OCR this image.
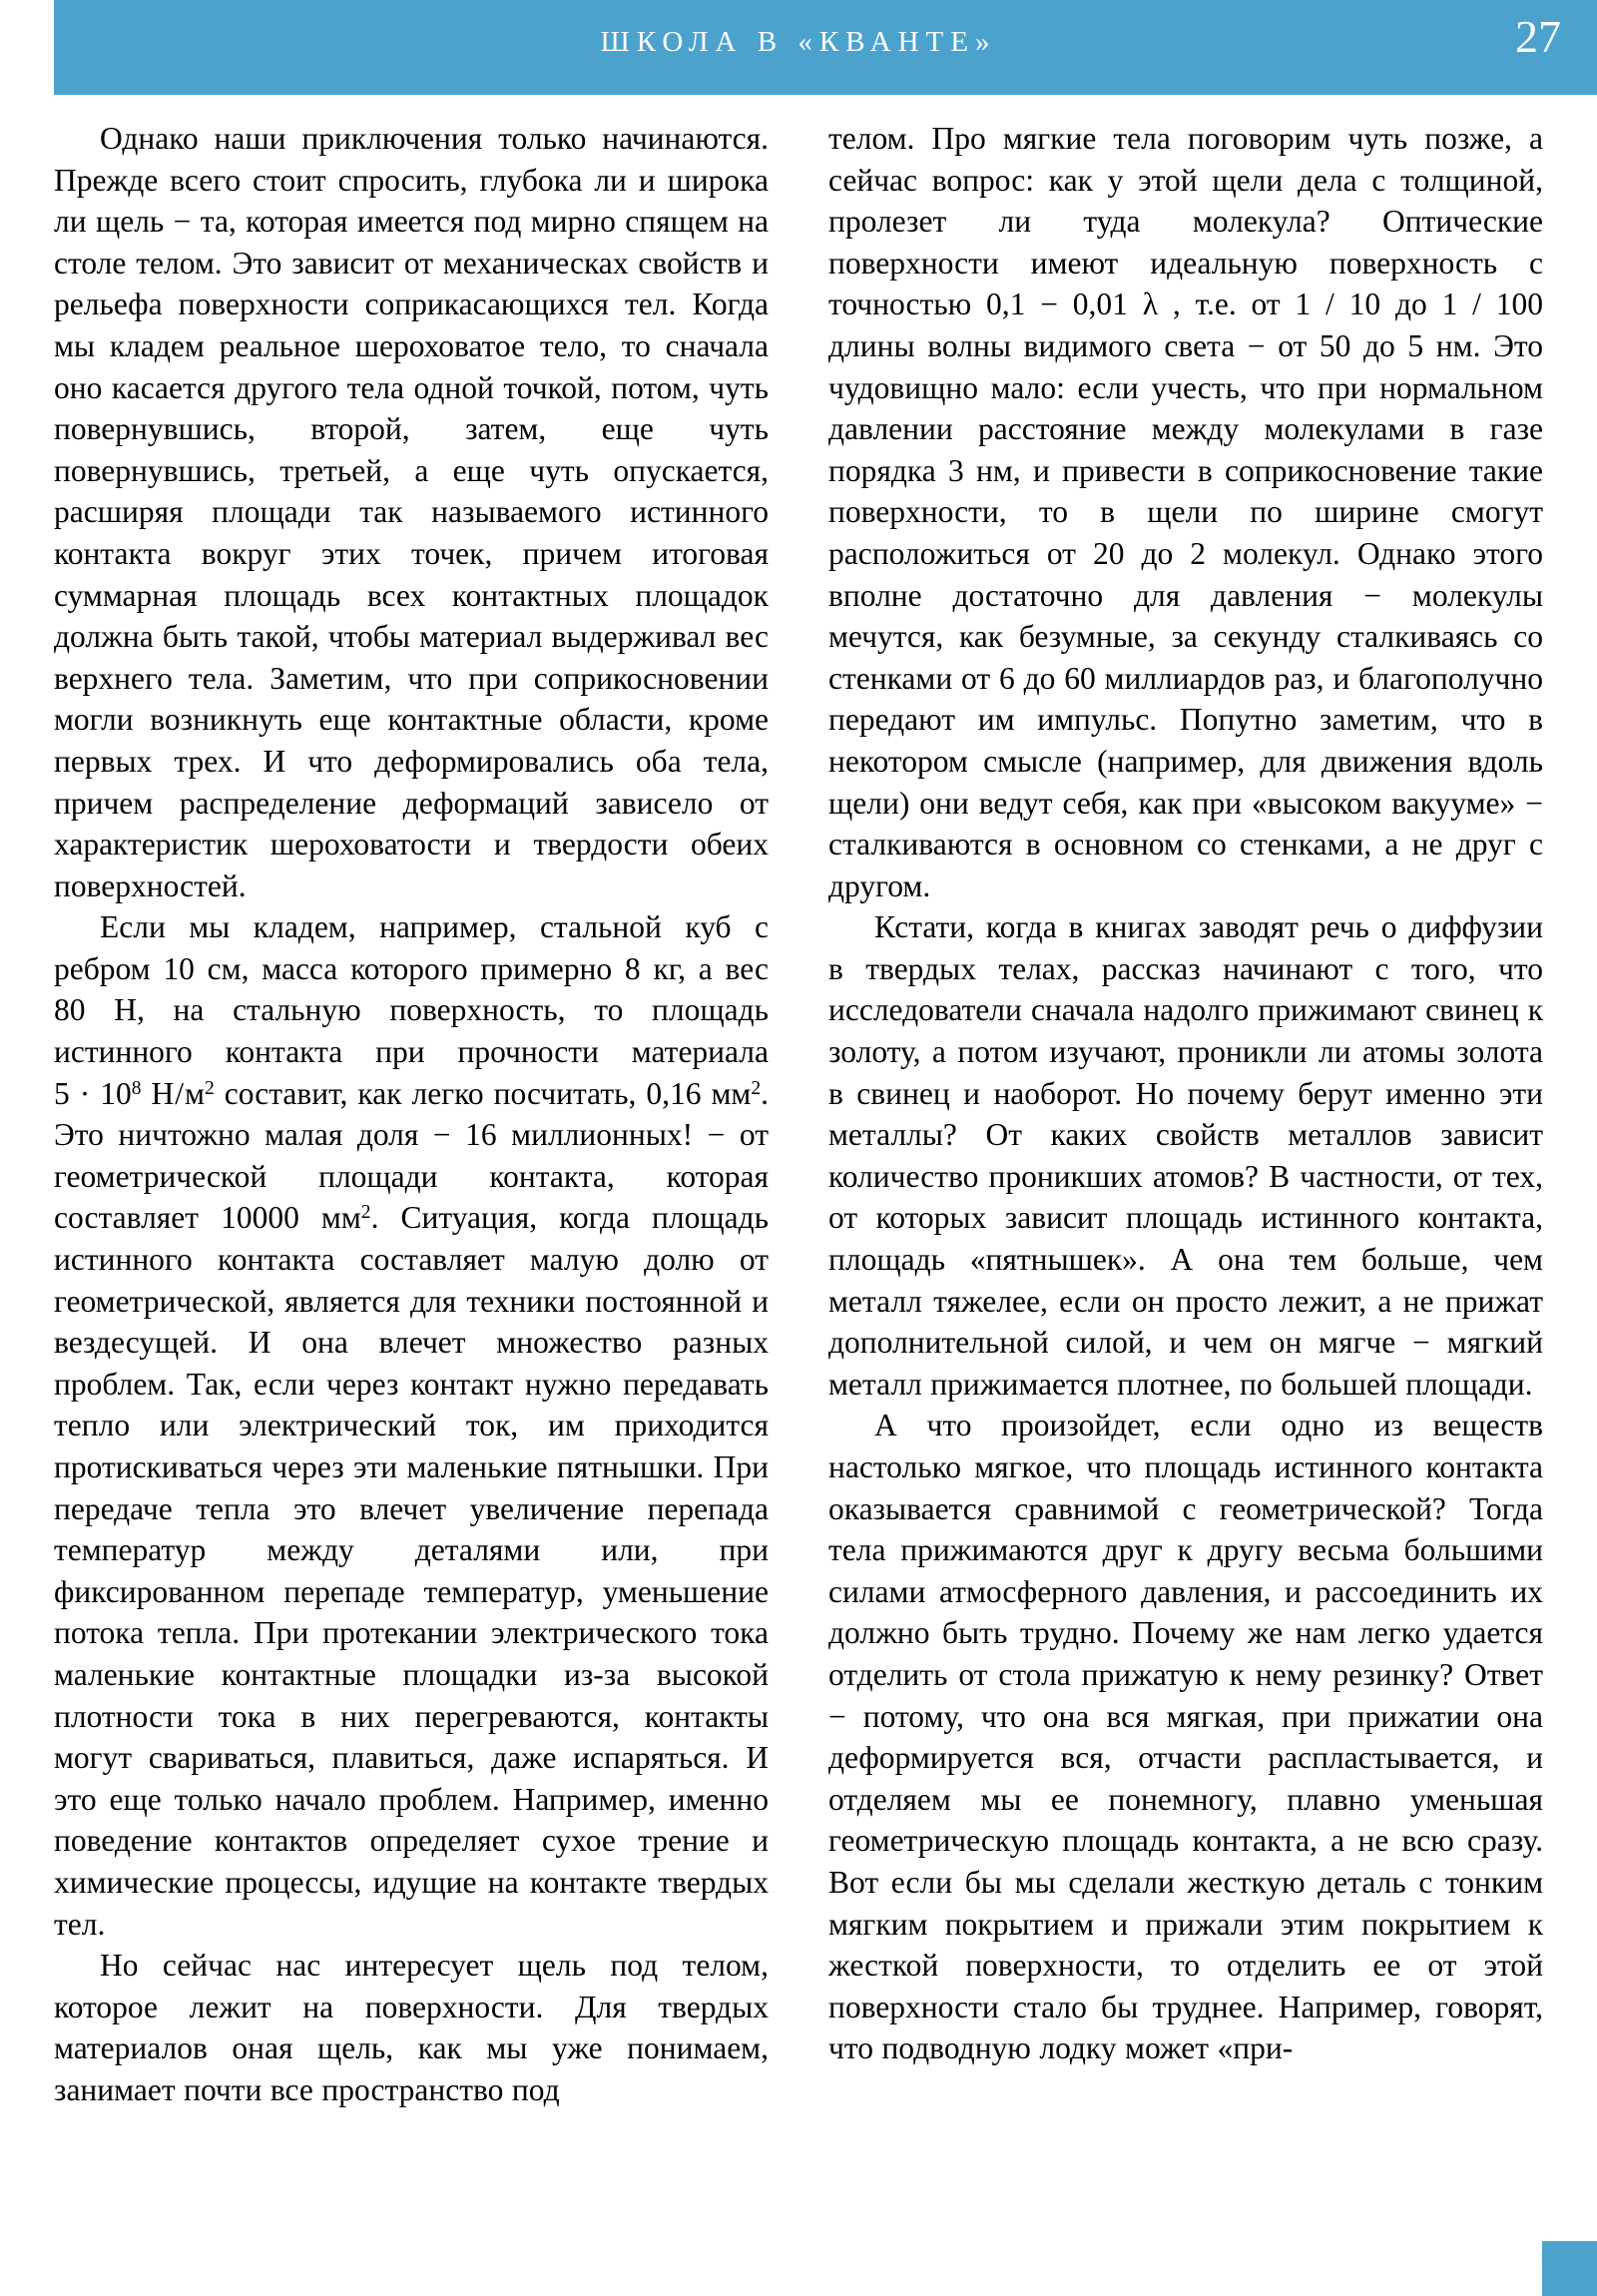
ШКОЛА В «КВАНТЕ»	27

Однако наши приключения только начинаются. Прежде всего стоит спросить, глубока ли и широка ли щель − та, которая имеется под мирно спящем на столе телом. Это зависит от механическах свойств и рельефа поверхности соприкасающихся тел. Когда мы кладем реальное шероховатое тело, то сначала оно касается другого тела одной точкой, потом, чуть повернувшись, второй, затем, еще чуть повернувшись, третьей, а еще чуть опускается, расширяя площади так называемого истинного контакта вокруг этих точек, причем итоговая суммарная площадь всех контактных площадок должна быть такой, чтобы материал выдерживал вес верхнего тела. Заметим, что при соприкосновении могли возникнуть еще контактные области, кроме первых трех. И что деформировались оба тела, причем распределение деформаций зависело от характеристик шероховатости и твердости обеих поверхностей.

Если мы кладем, например, стальной куб с ребром 10 см, масса которого примерно 8 кг, а вес 80 Н, на стальную поверхность, то площадь истинного контакта при прочности материала $5 \cdot 10^8$ $Н/м^2$ составит, как легко посчитать, 0,16 $мм^2$. Это ничтожно малая доля − 16 миллионных! − от геометрической площади контакта, которая составляет 10000 $мм^2$. Ситуация, когда площадь истинного контакта составляет малую долю от геометрической, является для техники постоянной и вездесущей. И она влечет множество разных проблем. Так, если через контакт нужно передавать тепло или электрический ток, им приходится протискиваться через эти маленькие пятнышки. При передаче тепла это влечет увеличение перепада температур между деталями или, при фиксированном перепаде температур, уменьшение потока тепла. При протекании электрического тока маленькие контактные площадки из-за высокой плотности тока в них перегреваются, контакты могут свариваться, плавиться, даже испаряться. И это еще только начало проблем. Например, именно поведение контактов определяет сухое трение и химические процессы, идущие на контакте твердых тел.

Но сейчас нас интересует щель под телом, которое лежит на поверхности. Для твердых материалов оная щель, как мы уже понимаем, занимает почти все пространство под

телом. Про мягкие тела поговорим чуть позже, а сейчас вопрос: как у этой щели дела с толщиной, пролезет ли туда молекула? Оптические поверхности имеют идеальную поверхность с точностью 0,1 − 0,01 λ , т.е. от 1 / 10 до 1 / 100 длины волны видимого света − от 50 до 5 нм. Это чудовищно мало: если учесть, что при нормальном давлении расстояние между молекулами в газе порядка 3 нм, и привести в соприкосновение такие поверхности, то в щели по ширине смогут расположиться от 20 до 2 молекул. Однако этого вполне достаточно для давления − молекулы мечутся, как безумные, за секунду сталкиваясь со стенками от 6 до 60 миллиардов раз, и благополучно передают им импульс. Попутно заметим, что в некотором смысле (например, для движения вдоль щели) они ведут себя, как при «высоком вакууме» − сталкиваются в основном со стенками, а не друг с другом.

Кстати, когда в книгах заводят речь о диффузии в твердых телах, рассказ начинают с того, что исследователи сначала надолго прижимают свинец к золоту, а потом изучают, проникли ли атомы золота в свинец и наоборот. Но почему берут именно эти металлы? От каких свойств металлов зависит количество проникших атомов? В частности, от тех, от которых зависит площадь истинного контакта, площадь «пятнышек». А она тем больше, чем металл тяжелее, если он просто лежит, а не прижат дополнительной силой, и чем он мягче − мягкий металл прижимается плотнее, по большей площади.

А что произойдет, если одно из веществ настолько мягкое, что площадь истинного контакта оказывается сравнимой с геометрической? Тогда тела прижимаются друг к другу весьма большими силами атмосферного давления, и рассоединить их должно быть трудно. Почему же нам легко удается отделить от стола прижатую к нему резинку? Ответ − потому, что она вся мягкая, при прижатии она деформируется вся, отчасти распластывается, и отделяем мы ее понемногу, плавно уменьшая геометрическую площадь контакта, а не всю сразу. Вот если бы мы сделали жесткую деталь с тонким мягким покрытием и прижали этим покрытием к жесткой поверхности, то отделить ее от этой поверхности стало бы труднее. Например, говорят, что подводную лодку может «при-
